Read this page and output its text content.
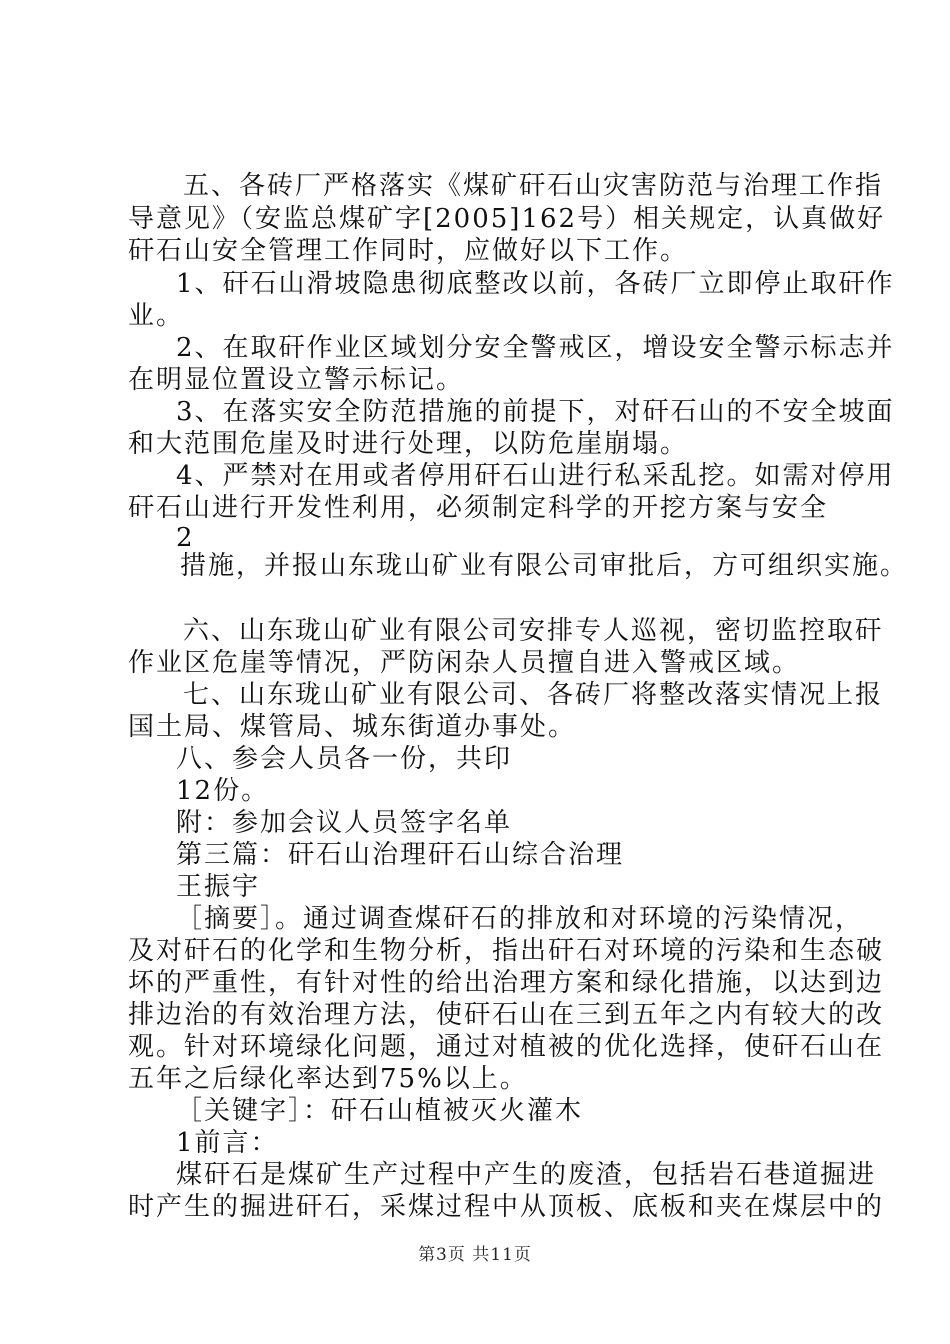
五、各砖厂严格落实《煤矿矸石山灾害防范与治理工作指
导意见》（安监总煤矿字[2005]162号）相关规定，认真做好
矸石山安全管理工作同时，应做好以下工作。
1、矸石山滑坡隐患彻底整改以前，各砖厂立即停止取矸作
业。
2、在取矸作业区域划分安全警戒区，增设安全警示标志并
在明显位置设立警示标记。
3、在落实安全防范措施的前提下，对矸石山的不安全坡面
和大范围危崖及时进行处理，以防危崖崩塌。
4、严禁对在用或者停用矸石山进行私采乱挖。如需对停用
矸石山进行开发性利用，必须制定科学的开挖方案与安全
2
措施，并报山东珑山矿业有限公司审批后，方可组织实施。
六、山东珑山矿业有限公司安排专人巡视，密切监控取矸
作业区危崖等情况，严防闲杂人员擅自进入警戒区域。
七、山东珑山矿业有限公司、各砖厂将整改落实情况上报
国土局、煤管局、城东街道办事处。
八、参会人员各一份，共印
12份。
附：参加会议人员签字名单
第三篇：矸石山治理矸石山综合治理
王振宇
［摘要］。通过调查煤矸石的排放和对环境的污染情况，
及对矸石的化学和生物分析，指出矸石对环境的污染和生态破
坏的严重性，有针对性的给出治理方案和绿化措施，以达到边
排边治的有效治理方法，使矸石山在三到五年之内有较大的改
观。针对环境绿化问题，通过对植被的优化选择，使矸石山在
五年之后绿化率达到75%以上。
［关键字］：矸石山植被灭火灌木
1前言：
煤矸石是煤矿生产过程中产生的废渣，包括岩石巷道掘进
时产生的掘进矸石，采煤过程中从顶板、底板和夹在煤层中的
第3页 共11页
